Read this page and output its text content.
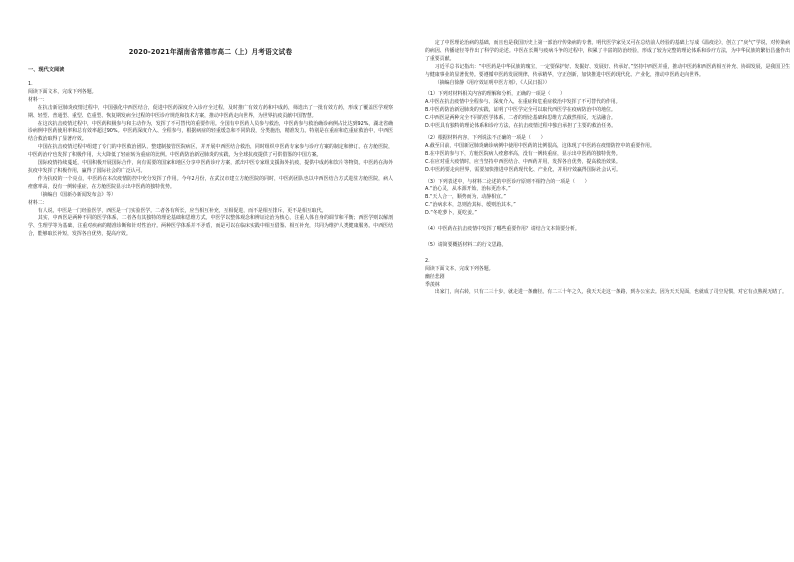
2020-2021年湖南省常德市高二（上）月考语文试卷
一、现代文阅读

1.

阅读下面文本，完成下列各题。

材料一：

在抗击新冠肺炎疫情过程中，中国强化中西医结合，促进中医药深度介入诊疗全过程，及时推广有效方药和中成药，筛选出了一批有效方药，形成了覆盖医学观察期、轻型、普通型、重型、危重型、恢复期发病全过程的中医诊疗规范和技术方案，推动中医药走向世界，为世界抗疫贡献中国智慧。

在这次抗击疫情过程中，中医药积极参与和主动作为，发挥了不可替代的重要作用。全国有中医药人员参与救治，中医药参与救治确诊病例占比达到92%，湖北省确诊病例中医药使用率和总有效率超过90%。中医药深度介入、全程参与，根据病症的轻重缓急和不同阶段，分类施治，精准发力。特别是在重症和危重症救治中，中西医结合救治取得了显著疗效。

中国在抗击疫情过程中组建了专门的中医救治团队，整建制接管医院病区，并开展中西医结合救治，同时组织中医药专家参与诊疗方案的制定和修订。在方舱医院，中医药治疗也发挥了积极作用，大大降低了轻症转为重症的比例。中医药防治新冠肺炎的实践，为全球抗疫提供了可供借鉴的中国方案。

国际疫情持续蔓延，中国积极开展国际合作，向有需要的国家和地区分享中医药诊疗方案，派出中医专家组支援海外抗疫，提供中成药和饮片等物资。中医药在海外抗疫中发挥了积极作用，赢得了国际社会的广泛认可。

作为抗疫的一个亮点，中医药在本次疫情防控中充分发挥了作用。今年2月份，在武汉市建立方舱医院的同时，中医药团队也以中西医结合方式进驻方舱医院，病人痊愈率高，没有一例转重症，在方舱医院显示出中医药的独特优势。

（摘编自《国新办新闻发布会》等）

材料二：

有人说，中医是一门经验医学，西医是一门实验医学。二者各有所长，应当相互补充，互相促进，而不是相互排斥，更不是相互取代。

其实，中西医是两种不同的医学体系，二者各有其独特的理论基础和思维方式。中医学以整体观念和辨证论治为核心，注重人体自身的调节和平衡；西医学则以解剖学、生理学等为基础，注重对疾病的精准诊断和针对性治疗。两种医学体系并不矛盾，而是可以在临床实践中相互借鉴、相互补充，共同为维护人类健康服务。中西医结合，能够取长补短，发挥各自优势，提高疗效。

定了中医理论治病的基础，而且也是我国历史上第一部治疗传染病的专著。明代医学家吴又可在总结前人经验的基础上写成《温疫论》，创立了“戾气”学说，对传染病的病因、传播途径等作出了科学的论述。中医在长期与疫病斗争的过程中，积累了丰富的防治经验，形成了较为完整的理论体系和诊疗方法，为中华民族的繁衍昌盛作出了重要贡献。

习近平总书记指出：“中医药是中华民族的瑰宝，一定要保护好、发掘好、发展好、传承好。”坚持中西医并重，推动中医药和西医药相互补充、协调发展，是我国卫生与健康事业的显著优势。要遵循中医药发展规律，传承精华，守正创新，加快推进中医药现代化、产业化，推动中医药走向世界。

（摘编自徐静《用疗效证明中医方剂》，《人民日报》）

（1）下列对材料相关内容的理解和分析，正确的一项是（　　）

A.中医在抗击疫情中全程参与、深度介入，在重症和危重症救治中发挥了不可替代的作用。

B.中医药防治新冠肺炎的实践，证明了中医学完全可以取代西医学在疫病防治中的地位。

C.中西医是两种完全不同的医学体系，二者的理论基础和思维方式截然相反，无法融合。

D.中医具有独特的理论体系和诊疗方法，在抗击疫情过程中独自承担了主要的救治任务。

（2）根据材料内容，下列说法不正确的一项是（　　）

A.截至目前，中国新冠肺炎确诊病例中使用中医药的比例很高，这体现了中医药在疫情防控中的重要作用。

B.在中医的参与下，方舱医院病人痊愈率高，没有一例转重症，显示出中医药的独特优势。

C.在应对重大疫情时，应当坚持中西医结合、中西药并用，发挥各自优势，提高救治效果。

D.中医药要走向世界，需要加快推进中医药现代化、产业化，并用疗效赢得国际社会认可。

（3）下列表述中，与材料二论述的中医诊疗原则不相符合的一项是（　　）

A.“治心灵，从本源开始，治标更治本。”

B.“天人合一，顺势而为，动静相宜。”

C.“治病求本，急则治其标，缓则治其本。”

D.“冬吃萝卜，夏吃姜。”

（4）中医药在抗击疫情中发挥了哪些重要作用？请结合文本简要分析。

（5）请简要概括材料二的行文思路。

2.

阅读下面文本，完成下列各题。

幽径悲剧

季羡林

出家门，向右转，只有二三十步，就走进一条幽径。有二三十年之久，我天天走这一条路，到办公室去。因为天天见面，也就成了司空见惯，对它有点熟视无睹了。
